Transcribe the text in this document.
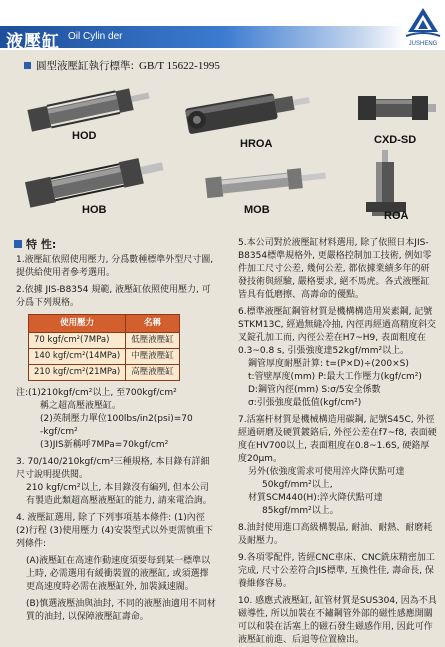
液壓缸 Oil Cylin der
JUSHENG
圓型液壓缸執行標準: GB/T 15622-1995
HOD
HROA	CXD-SD
HOB	MOB	ROA
特 性:
1.液壓缸依照使用壓力, 分爲數種標準外型尺寸圖, 提供給使用者參考選用。
2.依據 JIS-B8354 規範, 液壓缸依照使用壓力, 可分爲下列規格。
使用壓力	名稱
70 kgf/cm²(7MPa)	低壓液壓缸
140 kgf/cm²(14MPa)	中壓液壓缸
210 kgf/cm²(21MPa)	高壓液壓缸
注:(1)210kgf/cm²以上, 至700kgf/cm²
稱之超高壓液壓缸。
(2)英制壓力單位100lbs/in2(psi)=70
-kgf/cm²
(3)JIS新稱呼7MPa=70kgf/cm²
3. 70/140/210kgf/cm²三種規格, 本目錄有詳細尺寸說明提供閱。
210 kgf/cm²以上, 本目錄沒有編列, 但本公司有製造此類超高壓液壓缸的能力, 請來電洽詢。
4. 液壓缸選用, 除了下列事項基本條件: (1)內徑 (2)行程 (3)使用壓力 (4)安裝型式以外更需慎重下列條件:
(A)液壓缸在高速作動速度須要每到某一標準以上時, 必需選用有緩衝裝置的液壓缸, 或須選擇更高速度時必需在液壓缸外, 加裝減速閥。
(B)慎選液壓油與油封, 不同的液壓油適用不同材質的油封, 以保障液壓缸壽命。
5.本公司對於液壓缸材料選用, 除了依照日本JIS-B8354標準規格外, 更嚴格控制加工技術, 例如零件加工尺寸公差, 幾何公差, 都依據業績多年的研發技術與經驗, 嚴格要求, 絕不馬虎。各式液壓缸皆具有低磨擦、高壽命的優點。
6.標準液壓缸鋼管材質是機構構造用炭素鋼, 記號STKM13C, 經過無縫冷抽, 內徑再經過高精度斜交叉錠孔加工而, 內徑公差在H7~H9, 表面粗度在0.3~0.8 s, 引張強度達52kgf/mm²以上。
鋼管厚度耐壓計算: t=(P×D)÷(200×S)
t:管壁厚度(mm) P:最大工作壓力(kgf/cm²)
D:鋼管內徑(mm) S:σ/5安全係數
σ:引張強度最低值(kgf/cm²)
7.活塞杆材質是機械構造用碳鋼, 記號S45C, 外徑經過研磨及硬質鍍鉻后, 外徑公差在f7~f8, 表面硬度在HV700以上, 表面粗度在0.8~1.6S, 硬鉻厚度20μm。
另外(依強度需求可使用淬火降伏點可達
50kgf/mm²以上,
材質SCM440(H):淬火降伏點可達
85kgf/mm²以上。
8.油封使用進口高級構製品, 耐油、耐熱、耐磨耗及耐壓力。
9.各項零配件, 皆經CNC車床、CNC銑床精密加工完成, 尺寸公差符合JIS標準, 互換性佳, 壽命長, 保養維修容易。
10. 感應式液壓缸, 缸管材質是SUS304, 因為不具磁導性, 所以加裝在不鏽鋼管外部的磁性感應開關可以和裝在活塞上的磁石發生磁感作用, 因此可作液壓缸前進、后退等位置檢出。
